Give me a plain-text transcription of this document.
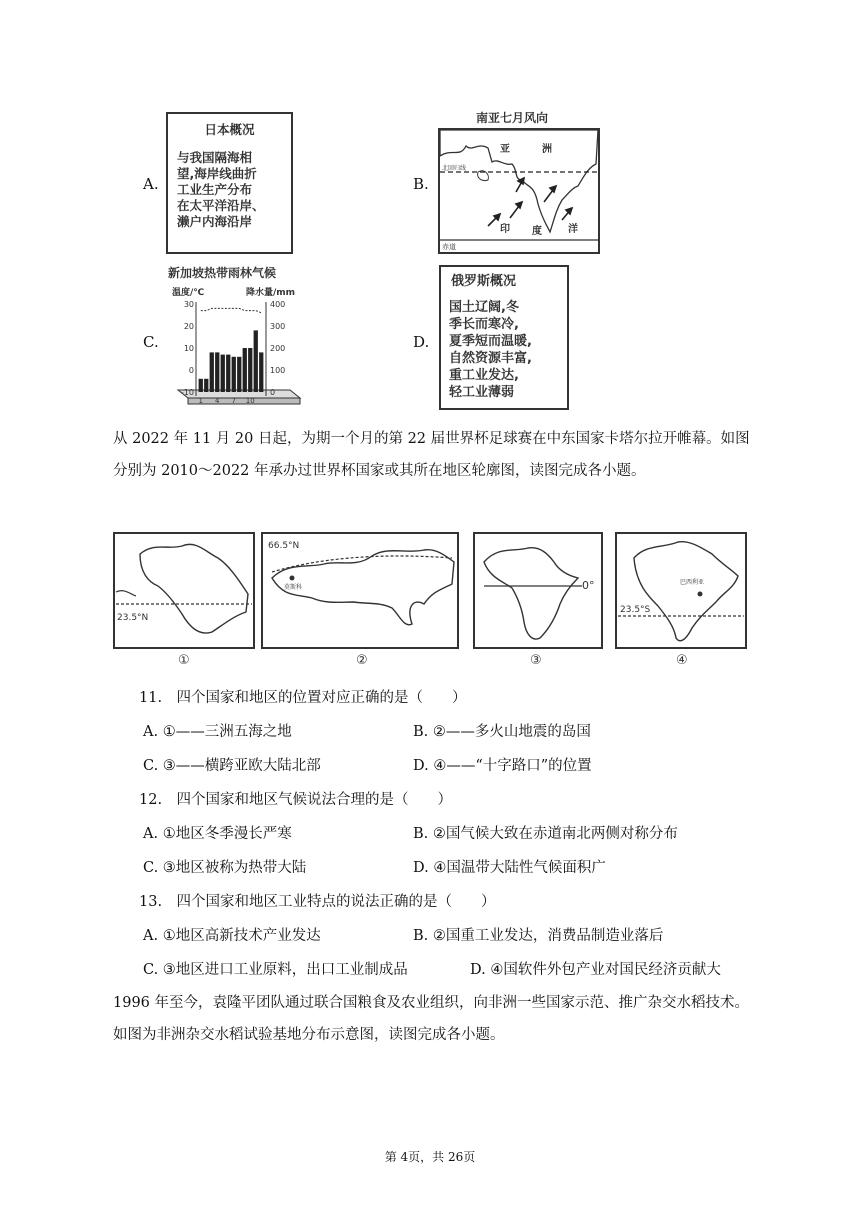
A.
日本概况
与我国隔海相
望,海岸线曲折
工业生产分布
在太平洋沿岸、
濑户内海沿岸
B.
南亚七月风向
亚	洲
北回归线
印 度	洋
赤道
C.
新加坡热带雨林气候
温度/℃	降水量/mm
30
20
10
0
-10
400
300
200
100
0
1 4 7 10
D.
俄罗斯概况
国土辽阔,冬
季长而寒冷,
夏季短而温暖,
自然资源丰富,
重工业发达,
轻工业薄弱
从 2022 年 11 月 20 日起，为期一个月的第 22 届世界杯足球赛在中东国家卡塔尔拉开帷幕。如图
分别为 2010～2022 年承办过世界杯国家或其所在地区轮廓图，读图完成各小题。
23.5°N
①
66.5°N
莫斯科
②
0°
③
巴西利亚
23.5°S
④
11.　四个国家和地区的位置对应正确的是（　　）
A. ①——三洲五海之地	B. ②——多火山地震的岛国
C. ③——横跨亚欧大陆北部	D. ④——“十字路口”的位置
12.　四个国家和地区气候说法合理的是（　　）
A. ①地区冬季漫长严寒	B. ②国气候大致在赤道南北两侧对称分布
C. ③地区被称为热带大陆	D. ④国温带大陆性气候面积广
13.　四个国家和地区工业特点的说法正确的是（　　）
A. ①地区高新技术产业发达	B. ②国重工业发达，消费品制造业落后
C. ③地区进口工业原料，出口工业制成品	D. ④国软件外包产业对国民经济贡献大
1996 年至今，袁隆平团队通过联合国粮食及农业组织，向非洲一些国家示范、推广杂交水稻技术。
如图为非洲杂交水稻试验基地分布示意图，读图完成各小题。
第 4页，共 26页
